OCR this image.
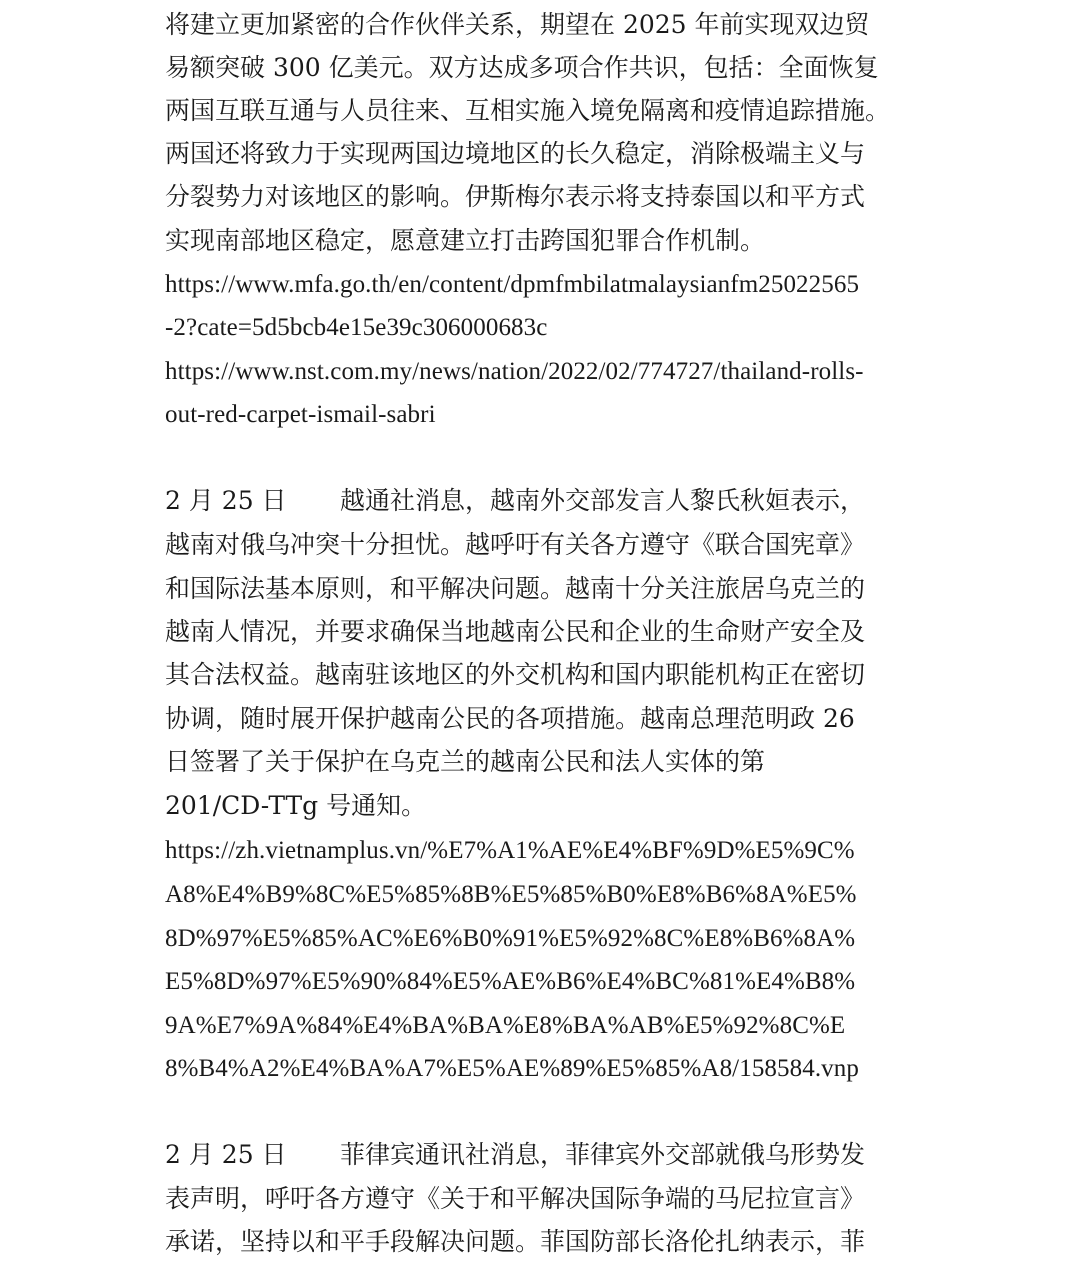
将建立更加紧密的合作伙伴关系，期望在 2025 年前实现双边贸
易额突破 300 亿美元。双方达成多项合作共识，包括：全面恢复
两国互联互通与人员往来、互相实施入境免隔离和疫情追踪措施。
两国还将致力于实现两国边境地区的长久稳定，消除极端主义与
分裂势力对该地区的影响。伊斯梅尔表示将支持泰国以和平方式
实现南部地区稳定，愿意建立打击跨国犯罪合作机制。
https://www.mfa.go.th/en/content/dpmfmbilatmalaysianfm25022565
-2?cate=5d5bcb4e15e39c306000683c
https://www.nst.com.my/news/nation/2022/02/774727/thailand-rolls-
out-red-carpet-ismail-sabri
2 月 25 日 越通社消息，越南外交部发言人黎氏秋姮表示，
越南对俄乌冲突十分担忧。越呼吁有关各方遵守《联合国宪章》
和国际法基本原则，和平解决问题。越南十分关注旅居乌克兰的
越南人情况，并要求确保当地越南公民和企业的生命财产安全及
其合法权益。越南驻该地区的外交机构和国内职能机构正在密切
协调，随时展开保护越南公民的各项措施。越南总理范明政 26
日签署了关于保护在乌克兰的越南公民和法人实体的第
201/CD-TTg 号通知。
https://zh.vietnamplus.vn/%E7%A1%AE%E4%BF%9D%E5%9C%
A8%E4%B9%8C%E5%85%8B%E5%85%B0%E8%B6%8A%E5%
8D%97%E5%85%AC%E6%B0%91%E5%92%8C%E8%B6%8A%
E5%8D%97%E5%90%84%E5%AE%B6%E4%BC%81%E4%B8%
9A%E7%9A%84%E4%BA%BA%E8%BA%AB%E5%92%8C%E
8%B4%A2%E4%BA%A7%E5%AE%89%E5%85%A8/158584.vnp
2 月 25 日 菲律宾通讯社消息，菲律宾外交部就俄乌形势发
表声明，呼吁各方遵守《关于和平解决国际争端的马尼拉宣言》
承诺，坚持以和平手段解决问题。菲国防部长洛伦扎纳表示，菲
